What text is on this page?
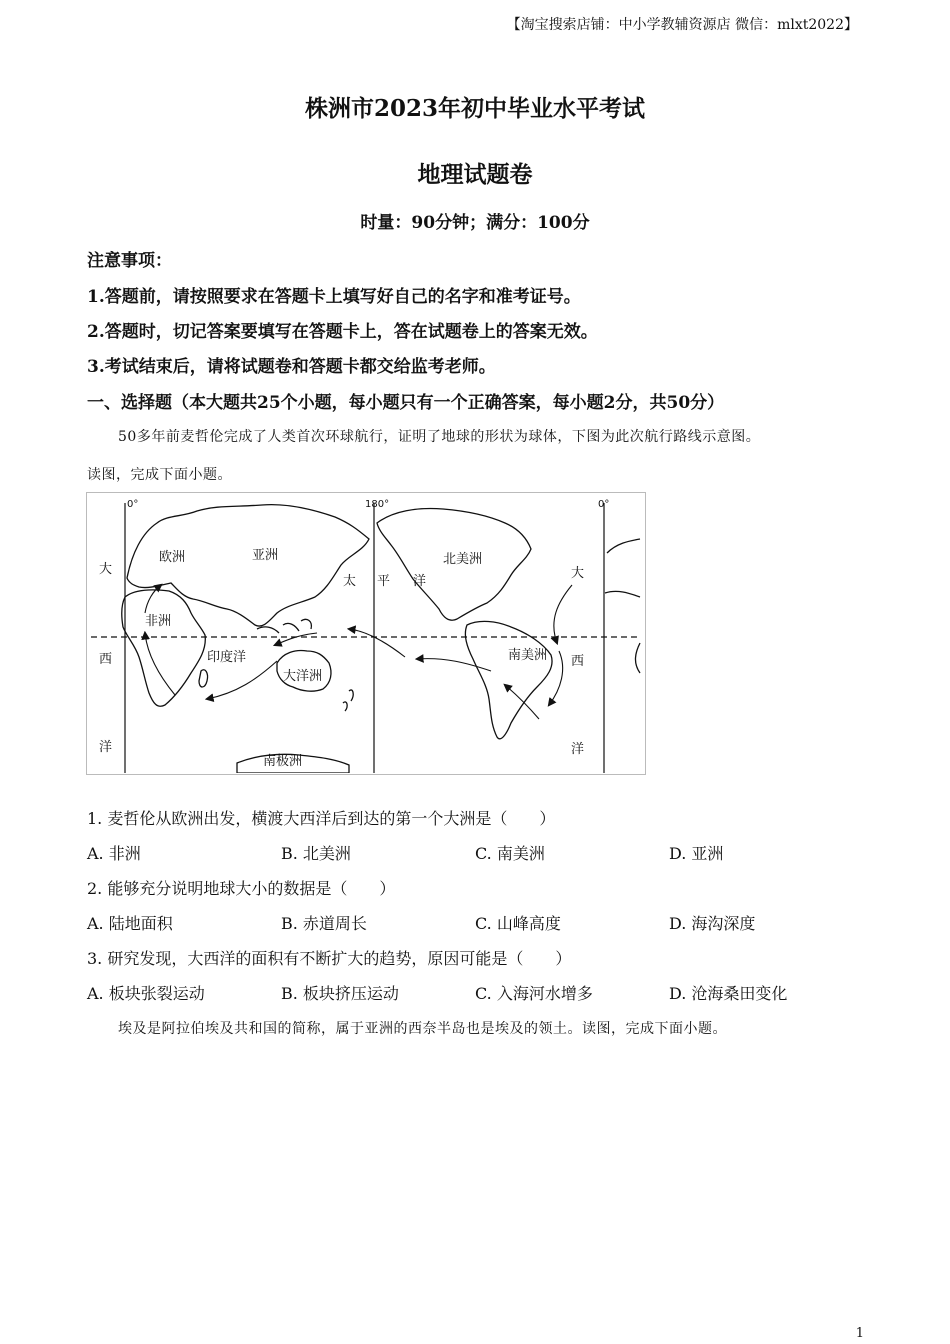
【淘宝搜索店铺：中小学教辅资源店 微信：mlxt2022】
株洲市2023年初中毕业水平考试
地理试题卷
时量：90分钟；满分：100分
注意事项：
1.答题前，请按照要求在答题卡上填写好自己的名字和准考证号。
2.答题时，切记答案要填写在答题卡上，答在试题卷上的答案无效。
3.考试结束后，请将试题卷和答题卡都交给监考老师。
一、选择题（本大题共25个小题，每小题只有一个正确答案，每小题2分，共50分）
50多年前麦哲伦完成了人类首次环球航行，证明了地球的形状为球体，下图为此次航行路线示意图。
读图，完成下面小题。
0°	180°	0°
欧洲	亚洲
非洲
印度洋
大洋洲
南极洲
太 平 洋
北美洲
南美洲
大
西
洋
大
西
洋
1. 麦哲伦从欧洲出发，横渡大西洋后到达的第一个大洲是（　　）
A. 非洲	B. 北美洲	C. 南美洲	D. 亚洲
2. 能够充分说明地球大小的数据是（　　）
A. 陆地面积	B. 赤道周长	C. 山峰高度	D. 海沟深度
3. 研究发现，大西洋的面积有不断扩大的趋势，原因可能是（　　）
A. 板块张裂运动	B. 板块挤压运动	C. 入海河水增多	D. 沧海桑田变化
埃及是阿拉伯埃及共和国的简称，属于亚洲的西奈半岛也是埃及的领土。读图，完成下面小题。
1
